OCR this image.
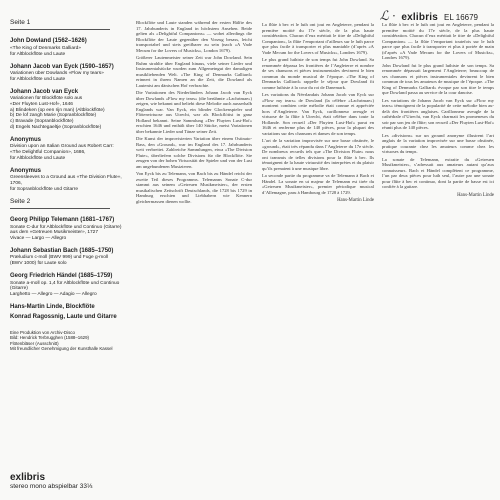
ℒ · exlibris EL 16679
Seite 1
John Dowland (1562–1626)
«The King of Denmarks Galliard»
für Altblockflöte und Laute
Johann Jacob van Eyck (1590–1657)
Variationen über Dowlands «Flow my tears»
für Altblockflöte und Laute
Johann Jacob van Eyck
Variationen für Blockflöte solo aus
«Der Fluyten Lust-Hof», 1646
a) Blindeken (op een rijn man) (Altblockflöte)
b) De lof zangh Marie (Sopranblockflöte)
c) Bravade (Sopranblockflöte)
d) Engels Nachtegaeltje (Sopranblockflöte)
Anonymus
Division upon an Italian Ground aus Robert Carr:
«The Delightful Companion», 1686,
für Altblockflöte und Laute
Anonymus
Greensleeves to a Ground aus «The Division Flute», 1706,
für Sopranblockflöte und Gitarre
Seite 2
Georg Philipp Telemann (1681–1767)
Sonate C-dur für Altblockflöte und Continuo (Gitarre)
aus dem «Getreuen Musikmeister», 1727
Vivace — Largo — Allegro
Johann Sebastian Bach (1685–1750)
Præludium c-moll (BWV 999) und Fuge g-moll
(BWV 1000) für Laute solo
Georg Friedrich Händel (1685–1759)
Sonate a-moll op. 1,4 für Altblockflöte und Continuo
(Gitarre)
Larghetto — Allegro — Adagio — Allegro
Hans-Martin Linde, Blockflöte
Konrad Ragossnig, Laute und Gitarre
Eine Produktion von Archiv-Disco
Bild: Hendrick Terbrugghen (1588–1629)
Flötenbläser (Ausschnitt)
Mit freundlicher Genehmigung der Kunsthalle Kassel
exlibris
stereo mono abspielbar 33⅓

Blockflöte und Laute standen während der ersten Hälfte des 17. Jahrhunderts in England in höchstem Ansehen. Beide gelten als «Delightful Companions» — wobei allerdings die Blockflöte der Laute gegenüber den Vorzug besass, leicht transportabel und stets greifbarer zu sein (nach «A Vade Mecum for the Lovers of Musicks», London 1679).

Größerer Lautenmeister seiner Zeit war John Dowland. Sein Ruhm strahlte über England hinaus, viele seiner Lieder und Instrumentalstücke wurden zum Allgemeingut der damaligen musikliebenden Welt. «The King of Denmarks Galliard» erinnert in ihrem Namen an die Zeit, die Dowland als Lautenist am dänischen Hof verbrachte.

Die Variationen des Niederländers Johann Jacob van Eyck über Dowlands «Flow my tears» (die berühmte «Lachrimae») zeigen, wie bekannt und beliebt diese Melodie auch ausserhalb Englands war. Van Eyck, ein blinder Glockenspieler und Flötenvirtuose aus Utrecht, war als Blockflötist in ganz Holland bekannt. Seine Sammlung «Der Fluyten Lust-Hof» erschien 1646 und enthält über 140 Stücke, meist Variationen über bekannte Lieder und Tänze seiner Zeit.

Die Kunst der improvisierten Variation über einem Ostinato-Bass, den «Ground», war im England des 17. Jahrhunderts weit verbreitet. Zahlreiche Sammlungen, etwa «The Division Flute», überliefern solche Divisions für die Blockflöte. Sie zeugen von der hohen Virtuosität der Spieler und von der Lust am ungebundenen Musizieren.

Von Eyck bis zu Telemann, von Bach bis zu Händel reicht der zweite Teil dieses Programms. Telemanns Sonate C-dur stammt aus seinem «Getreuen Musikmeister», der ersten musikalischen Zeitschrift Deutschlands, die 1728 bis 1729 in Hamburg erschien und Liebhabern wie Kennern gleichermassen dienen wollte.

La flûte à bec et le luth ont joui en Angleterre, pendant la première moitié du 17e siècle, de la plus haute considération. Chacun d’eux méritait le titre de «Delightful Companion», la flûte l’emportant d’ailleurs sur le luth parce que plus facile à transporter et plus maniable (d’après «A Vade Mecum for the Lovers of Musicks», Londres 1679).

Le plus grand luthiste de son temps fut John Dowland. Sa renommée dépassa les frontières de l’Angleterre et nombre de ses chansons et pièces instrumentales devinrent le bien commun du monde musical de l’époque. «The King of Denmarks Galliard» rappelle le séjour que Dowland fit comme luthiste à la cour du roi de Danemark.

Les variations du Néerlandais Johann Jacob van Eyck sur «Flow my tears» de Dowland (la célèbre «Lachrimae») montrent combien cette mélodie était connue et appréciée hors d’Angleterre. Van Eyck, carillonneur aveugle et virtuose de la flûte à Utrecht, était célèbre dans toute la Hollande. Son recueil «Der Fluyten Lust-Hof» parut en 1646 et renferme plus de 140 pièces, pour la plupart des variations sur des chansons et danses de son temps.

L’art de la variation improvisée sur une basse obstinée, le «ground», était très répandu dans l’Angleterre du 17e siècle. De nombreux recueils tels que «The Division Flute» nous ont transmis de telles divisions pour la flûte à bec. Ils témoignent de la haute virtuosité des interprètes et du plaisir qu’ils prenaient à une musique libre.

La seconde partie du programme va de Telemann à Bach et Händel. La sonate en ut majeur de Telemann est tirée du «Getreuen Musikmeister», premier périodique musical d’Allemagne, paru à Hambourg de 1728 à 1729.

Hans-Martin Linde

La flûte à bec et le luth ont joui en Angleterre, pendant la première moitié du 17e siècle, de la plus haute considération. Chacun d’eux méritait le titre de «Delightful Companion» — la flûte l’emportant toutefois sur le luth parce que plus facile à transporter et plus à portée de main (d’après «A Vade Mecum for the Lovers of Musicks», Londres 1679).

John Dowland fut le plus grand luthiste de son temps. Sa renommée dépassait largement l’Angleterre; beaucoup de ses chansons et pièces instrumentales devinrent le bien commun de tous les amateurs de musique de l’époque. «The King of Denmarks Galliard» évoque par son titre le temps que Dowland passa au service de la cour danoise.

Les variations de Johann Jacob van Eyck sur «Flow my tears» témoignent de la popularité de cette mélodie bien au-delà des frontières anglaises. Carillonneur aveugle de la cathédrale d’Utrecht, van Eyck charmait les promeneurs du soir par son jeu de flûte; son recueil «Der Fluyten Lust-Hof» réunit plus de 140 pièces.

Les «divisions» sur un ground anonyme illustrent l’art anglais de la variation improvisée sur une basse obstinée, pratique courante chez les amateurs comme chez les virtuoses du temps.

La sonate de Telemann, extraite du «Getreuen Musikmeister», s’adressait aux amateurs autant qu’aux connaisseurs. Bach et Händel complètent ce programme, l’un par deux pièces pour luth seul, l’autre par une sonate pour flûte à bec et continuo, dont la partie de basse est ici confiée à la guitare.

Hans-Martin Linde
